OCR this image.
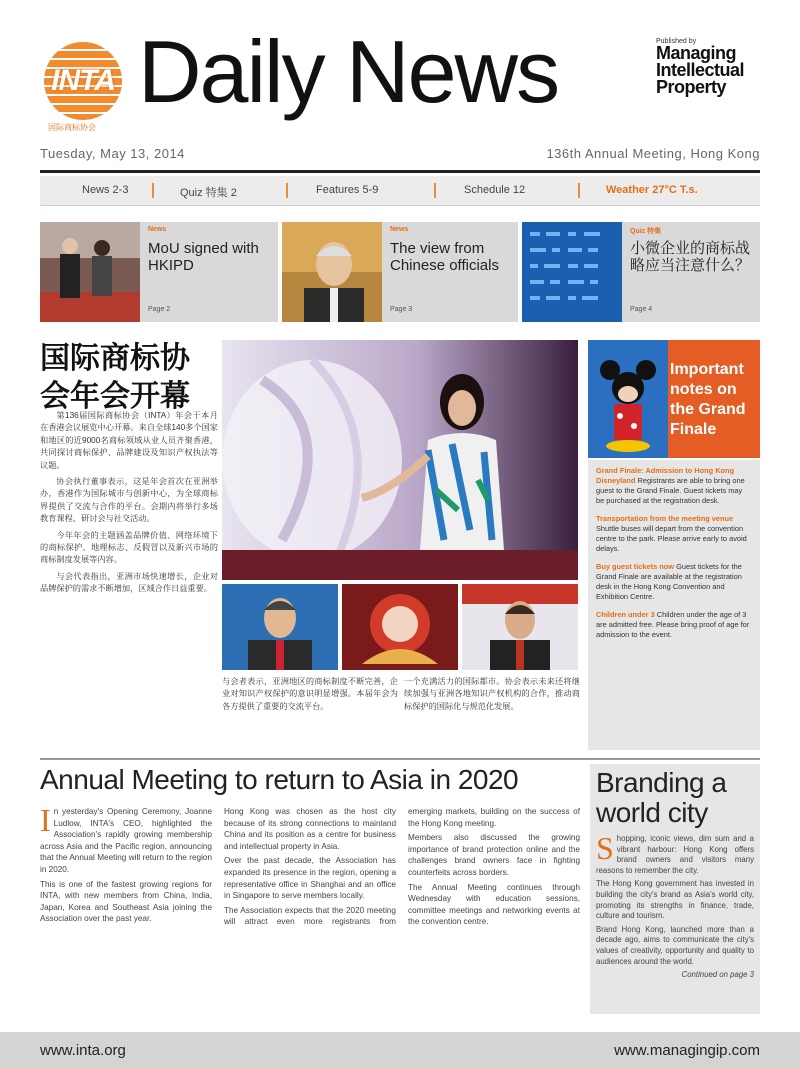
INTA
国际商标协会
Daily News	Published by
Managing
Intellectual
Property
Tuesday, May 13, 2014	136th Annual Meeting, Hong Kong
News 2-3	Quiz 特集 2	Features 5-9	Schedule 12	Weather 27°C T.s.
News
MoU signed with HKIPD
Page 2
News
The view from Chinese officials
Page 3
Quiz 特集
小微企业的商标战略应当注意什么？
Page 4
国际商标协会年会开幕

第136届国际商标协会（INTA）年会于本月在香港会议展览中心开幕。来自全球140多个国家和地区的近9000名商标领域从业人员齐聚香港，共同探讨商标保护、品牌建设及知识产权执法等议题。

协会执行董事表示，这是年会首次在亚洲举办，香港作为国际城市与创新中心，为全球商标界提供了交流与合作的平台。会期内将举行多场教育课程、研讨会与社交活动。

今年年会的主题涵盖品牌价值、网络环境下的商标保护、地理标志、反假冒以及新兴市场的商标制度发展等内容。

与会代表指出，亚洲市场快速增长，企业对品牌保护的需求不断增加，区域合作日益重要。

与会者表示，亚洲地区的商标制度不断完善，企业对知识产权保护的意识明显增强。本届年会为各方提供了重要的交流平台。
一个充满活力的国际都市。协会表示未来还将继续加强与亚洲各地知识产权机构的合作，推动商标保护的国际化与规范化发展。
Important notes on the Grand Finale
Grand Finale: Admission to Hong Kong Disneyland Registrants are able to bring one guest to the Grand Finale. Guest tickets may be purchased at the registration desk.
Transportation from the meeting venue Shuttle buses will depart from the convention centre to the park. Please arrive early to avoid delays.
Buy guest tickets now Guest tickets for the Grand Finale are available at the registration desk in the Hong Kong Convention and Exhibition Centre.
Children under 3 Children under the age of 3 are admitted free. Please bring proof of age for admission to the event.
Annual Meeting to return to Asia in 2020

In yesterday's Opening Ceremony, Joanne Ludlow, INTA's CEO, highlighted the Association's rapidly growing membership across Asia and the Pacific region, announcing that the Annual Meeting will return to the region in 2020.

This is one of the fastest growing regions for INTA, with new members from China, India, Japan, Korea and Southeast Asia joining the Association over the past year.

Hong Kong was chosen as the host city because of its strong connections to mainland China and its position as a centre for business and intellectual property in Asia.

Over the past decade, the Association has expanded its presence in the region, opening a representative office in Shanghai and an office in Singapore to serve members locally.

The Association expects that the 2020 meeting will attract even more registrants from emerging markets, building on the success of the Hong Kong meeting.

Members also discussed the growing importance of brand protection online and the challenges brand owners face in fighting counterfeits across borders.

The Annual Meeting continues through Wednesday with education sessions, committee meetings and networking events at the convention centre.

Branding a world city

Shopping, iconic views, dim sum and a vibrant harbour: Hong Kong offers brand owners and visitors many reasons to remember the city.

The Hong Kong government has invested in building the city's brand as Asia's world city, promoting its strengths in finance, trade, culture and tourism.

Brand Hong Kong, launched more than a decade ago, aims to communicate the city's values of creativity, opportunity and quality to audiences around the world.

Continued on page 3

www.inta.org	www.managingip.com
